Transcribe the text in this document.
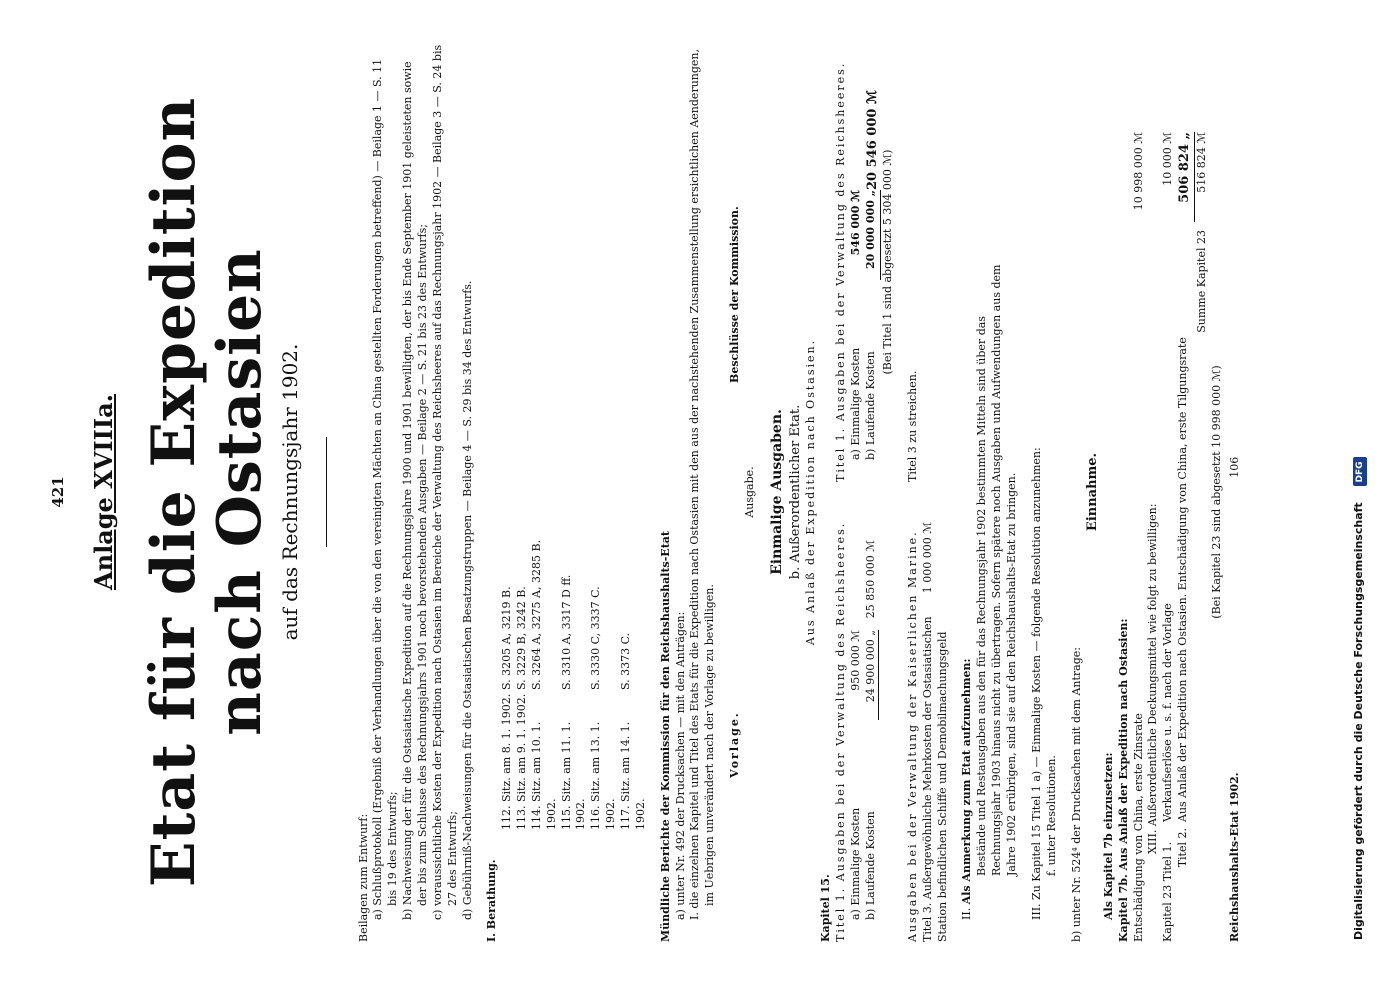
421 Anlage XVIIIa. Etat für die Expedition nach Ostasien auf das Rechnungsjahr 1902.
Beilagen zum Entwurf: a) Schlußprotokoll (Ergebniß der Verhandlungen über die von den vereinigten Mächten an China gestellten Forderungen betreffend) — Beilage 1 — S. 11 bis 19 des Entwurfs;
b) Nachweisung der für die Ostasiatische Expedition auf die Rechnungsjahre 1900 und 1901 bewilligten, der bis Ende September 1901 geleisteten sowie der bis zum Schlusse des Rechnungsjahrs 1901 noch bevorstehenden Ausgaben — Beilage 2 — S. 21 bis 23 des Entwurfs;
c) voraussichtliche Kosten der Expedition nach Ostasien im Bereiche der Verwaltung des Reichsheeres auf das Rechnungsjahr 1902 — Beilage 3 — S. 24 bis 27 des Entwurfs;
d) Gebührniß-Nachweisungen für die Ostasiatischen Besatzungstruppen — Beilage 4 — S. 29 bis 34 des Entwurfs. I. Berathung.
112. Sitz. am 8. 1. 1902.
S. 3205 A, 3219 B.
113. Sitz. am 9. 1. 1902.
S. 3229 B, 3242 B.
114. Sitz. am 10. 1. 1902.
S. 3264 A, 3275 A, 3285 B.
115. Sitz. am 11. 1. 1902.
S. 3310 A, 3317 D ff.
116. Sitz. am 13. 1. 1902.
S. 3330 C, 3337 C.
117. Sitz. am 14. 1. 1902.
S. 3373 C.	Mündliche Berichte der Kommission für den Reichshaushalts-Etat a) unter Nr. 492 der Drucksachen — mit den Anträgen:
I. die einzelnen Kapitel und Titel des Etats für die Expedition nach Ostasien mit den aus der nachstehenden Zusammenstellung ersichtlichen Aenderungen, im Uebrigen unverändert nach der Vorlage zu bewilligen. Vorlage.
Beschlüsse der Kommission.
Ausgabe. Einmalige Ausgaben. b. Außerordentlicher Etat. Aus Anlaß der Expedition nach Ostasien.
Kapitel 15. Titel 1. Ausgaben bei der Verwaltung des Reichsheeres. a) Einmalige Kosten
950 000 ℳ
b) Laufende Kosten
24 900 000 „
25 850 000 ℳ
Titel 1. Ausgaben bei der Verwaltung des Reichsheeres. a) Einmalige Kosten
546 000 ℳ
b) Laufende Kosten
20 000 000 „
20 546 000 ℳ
(Bei Titel 1 sind abgesetzt 5 304 000 ℳ)
Ausgaben bei der Verwaltung der Kaiserlichen Marine. Titel 3. Außergewöhnliche Mehrkosten der Ostasiatischen Station befindlichen Schiffe und Demobilmachungsgeld
1 000 000 ℳ
Titel 3 zu streichen.
II. Als Anmerkung zum Etat aufzunehmen: Bestände und Restausgaben aus den für das Rechnungsjahr 1902 bestimmten Mitteln sind über das Rechnungsjahr 1903 hinaus nicht zu übertragen. Sofern spätere noch Ausgaben und Aufwendungen aus dem Jahre 1902 erübrigen, sind sie auf den Reichshaushalts-Etat zu bringen.
III. Zu Kapitel 15 Titel 1 a) — Einmalige Kosten — folgende Resolution anzunehmen: f. unter Resolutionen.
b) unter Nr. 524⁴ der Drucksachen mit dem Antrage:
Einnahme.
Als Kapitel 7b einzusetzen: Kapitel 7b. Aus Anlaß der Expedition nach Ostasien: Entschädigung von China, erste Zinsrate
10 998 000 ℳ
XIII. Außerordentliche Deckungsmittel wie folgt zu bewilligen:
Kapitel 23 Titel 1.
Verkaufserlöse u. s. f. nach der Vorlage
10 000 ℳ
Titel 2.
Aus Anlaß der Expedition nach Ostasien. Entschädigung von China, erste Tilgungsrate
506 824 „
Summe Kapitel 23
516 824 ℳ
(Bei Kapitel 23 sind abgesetzt 10 998 000 ℳ)
Reichshaushalts-Etat 1902.
106
Digitalisierung gefördert durch die Deutsche Forschungsgemeinschaft DFG
